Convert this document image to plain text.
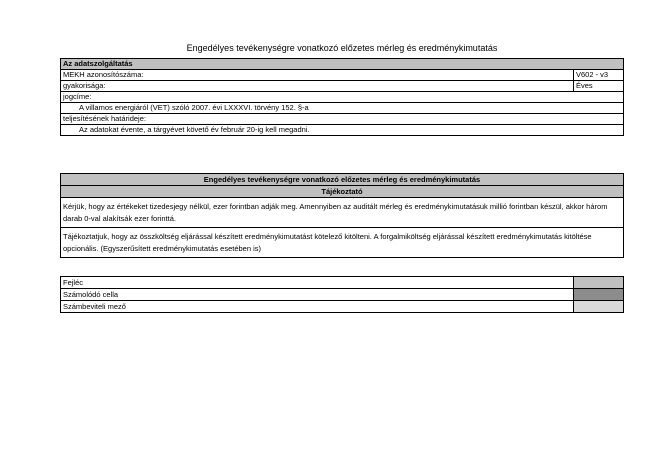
Engedélyes tevékenységre vonatkozó előzetes mérleg és eredménykimutatás
Az adatszolgáltatás
MEKH azonosítószáma:	V602 - v3
gyakorisága:	Éves
jogcíme:
A villamos energiáról (VET) szóló 2007. évi LXXXVI. törvény 152. §-a
teljesítésének határideje:
Az adatokat évente, a tárgyévet követő év február 20-ig kell megadni.
Engedélyes tevékenységre vonatkozó előzetes mérleg és eredménykimutatás
Tájékoztató
Kérjük, hogy az értékeket tizedesjegy nélkül, ezer forintban adják meg. Amennyiben az auditált mérleg és eredménykimutatásuk millió forintban készül, akkor három darab 0-val alakítsák ezer forinttá.
Tájékoztatjuk, hogy az összköltség eljárással készített eredménykimutatást kötelező kitölteni. A forgalmiköltség eljárással készített eredménykimutatás kitöltése opcionális. (Egyszerűsített eredménykimutatás esetében is)
Fejléc
Számolódó cella
Számbeviteli mező
